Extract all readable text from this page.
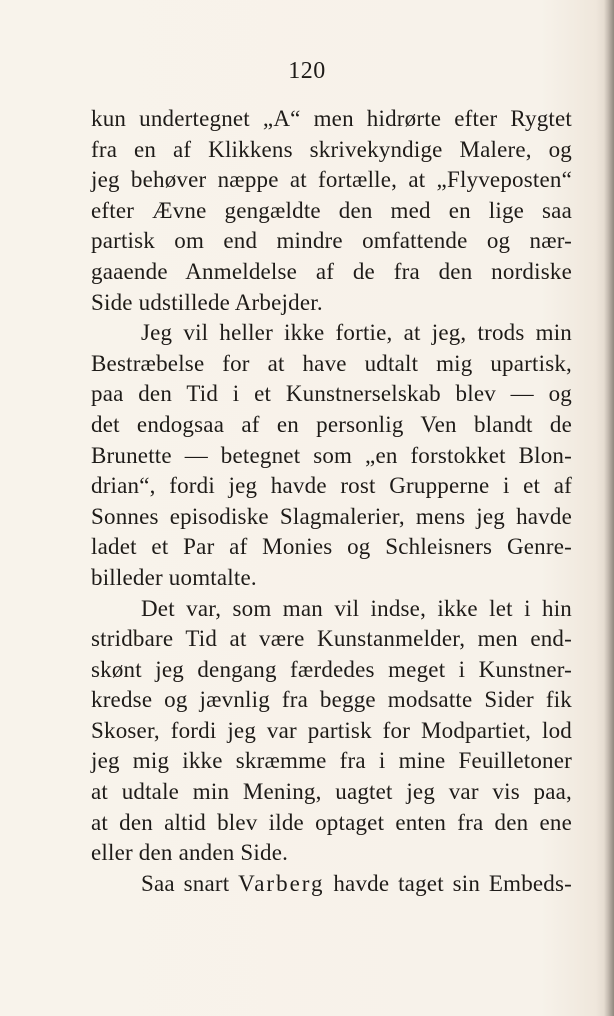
120
kun undertegnet „A“ men hidrørte efter Rygtet
fra en af Klikkens skrivekyndige Malere, og
jeg behøver næppe at fortælle, at „Flyveposten“
efter Ævne gengældte den med en lige saa
partisk om end mindre omfattende og nær-
gaaende Anmeldelse af de fra den nordiske
Side udstillede Arbejder.
Jeg vil heller ikke fortie, at jeg, trods min
Bestræbelse for at have udtalt mig upartisk,
paa den Tid i et Kunstnerselskab blev — og
det endogsaa af en personlig Ven blandt de
Brunette — betegnet som „en forstokket Blon-
drian“, fordi jeg havde rost Grupperne i et af
Sonnes episodiske Slagmalerier, mens jeg havde
ladet et Par af Monies og Schleisners Genre-
billeder uomtalte.
Det var, som man vil indse, ikke let i hin
stridbare Tid at være Kunstanmelder, men end-
skønt jeg dengang færdedes meget i Kunstner-
kredse og jævnlig fra begge modsatte Sider fik
Skoser, fordi jeg var partisk for Modpartiet, lod
jeg mig ikke skræmme fra i mine Feuilletoner
at udtale min Mening, uagtet jeg var vis paa,
at den altid blev ilde optaget enten fra den ene
eller den anden Side.
Saa snart Varberg havde taget sin Embeds-
